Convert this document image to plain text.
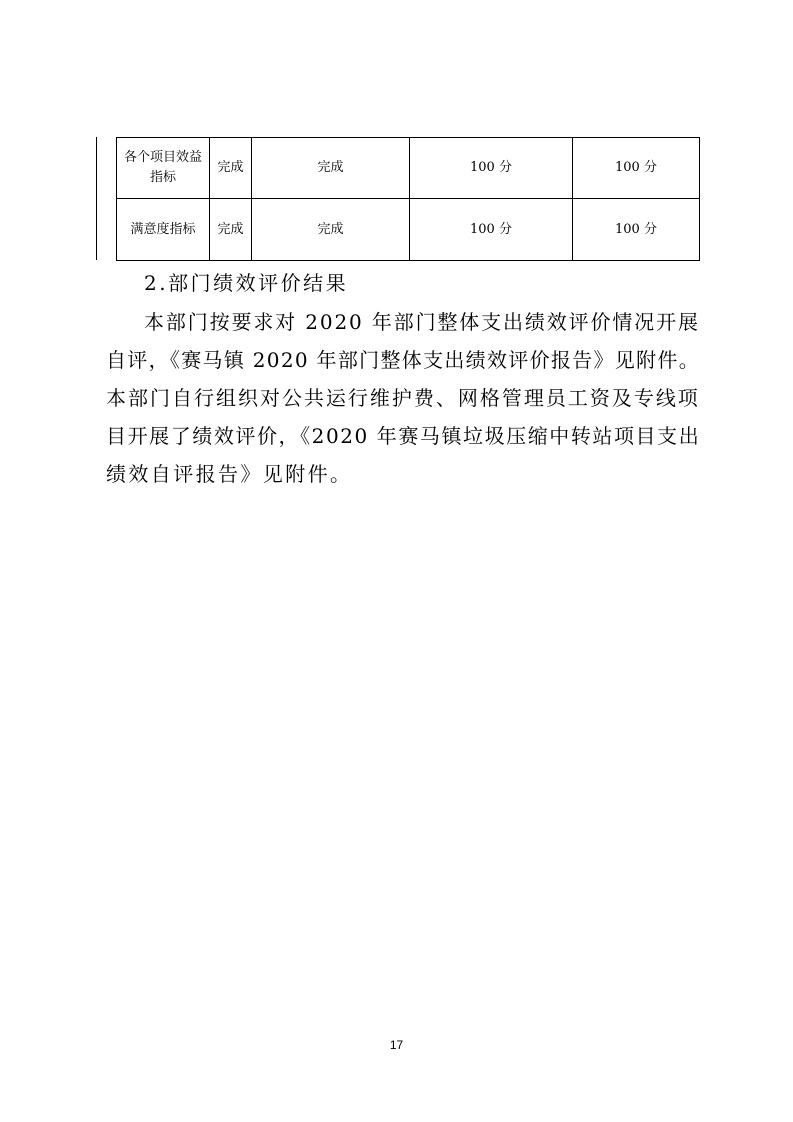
各个项目效益指标	完成	完成	100 分	100 分
满意度指标	完成	完成	100 分	100 分
2.部门绩效评价结果
本部门按要求对 2020 年部门整体支出绩效评价情况开展
自评，《赛马镇 2020 年部门整体支出绩效评价报告》见附件。
本部门自行组织对公共运行维护费、网格管理员工资及专线项
目开展了绩效评价，《2020 年赛马镇垃圾压缩中转站项目支出
绩效自评报告》见附件。
17
